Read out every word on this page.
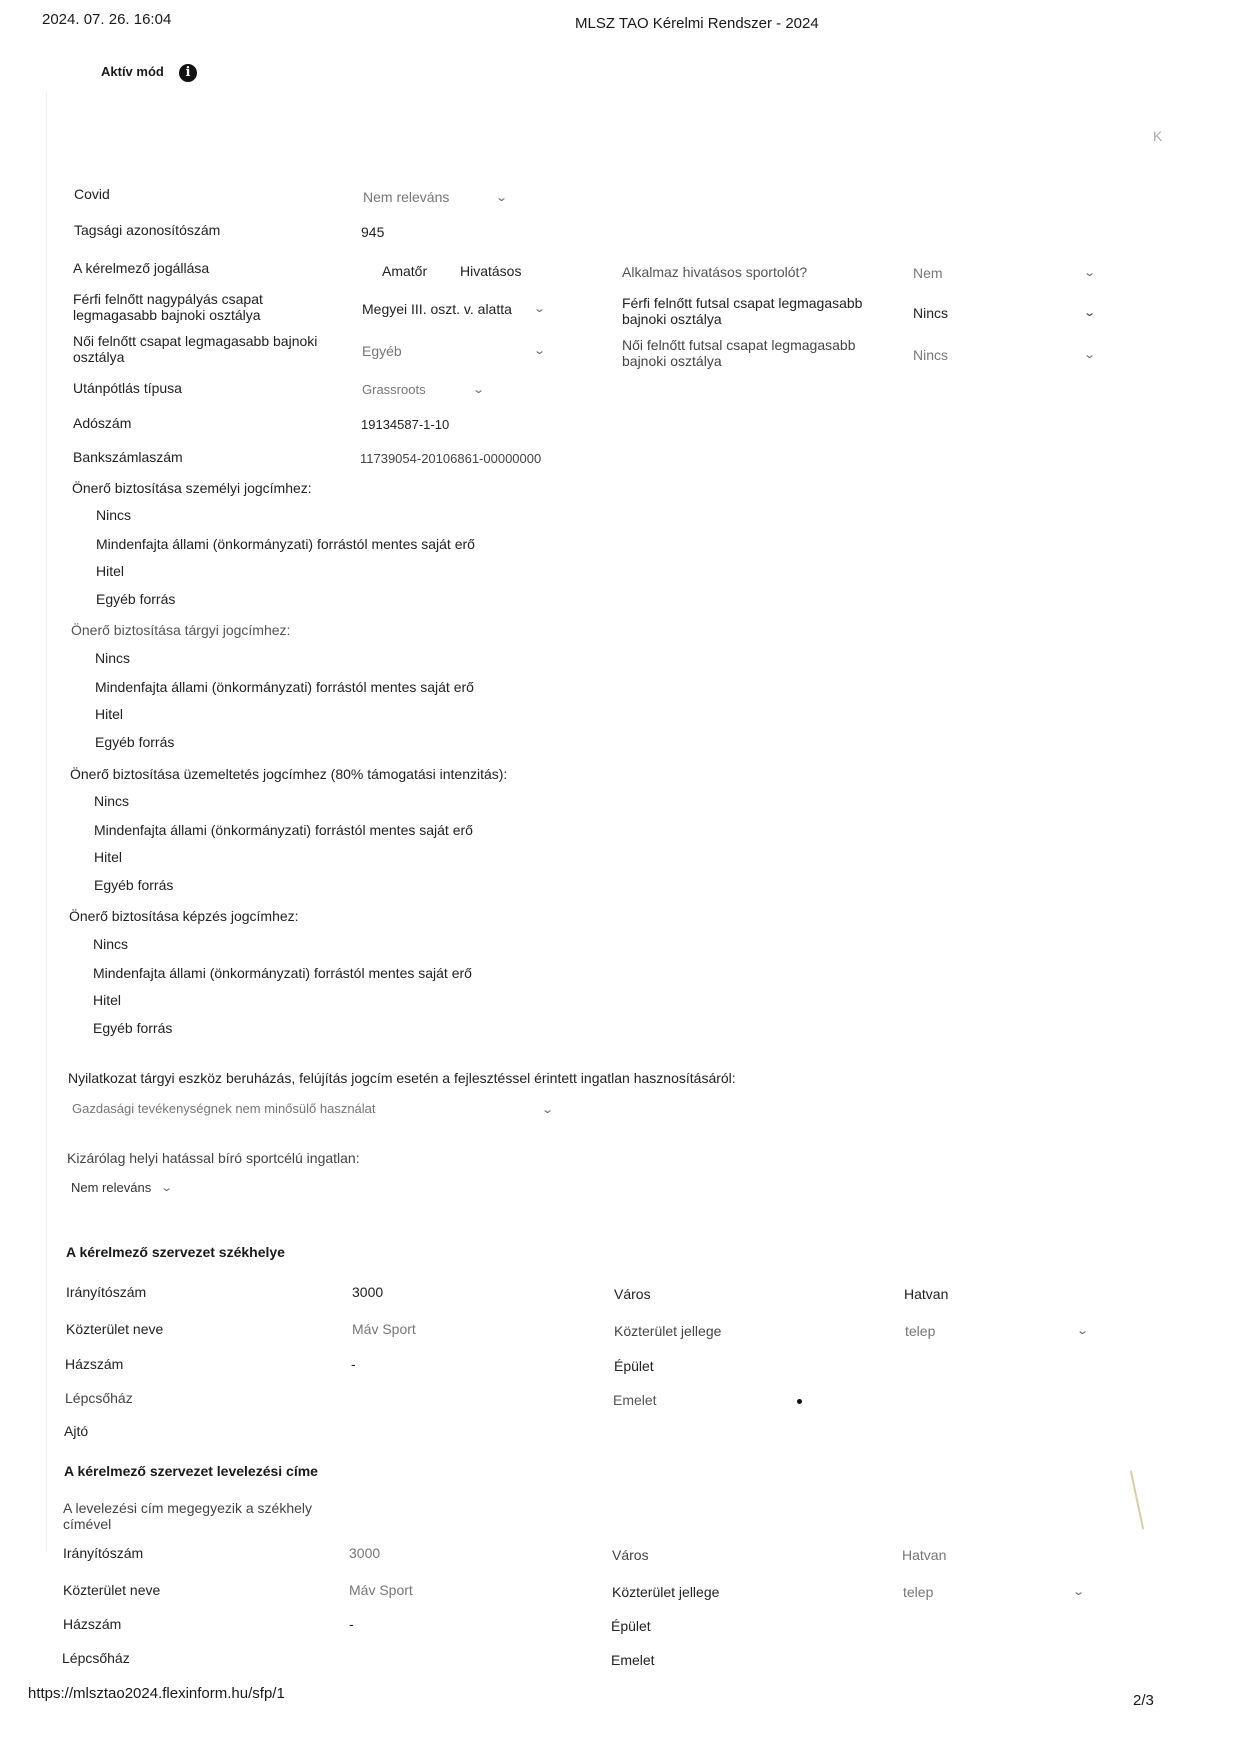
2024. 07. 26. 16:04	MLSZ TAO Kérelmi Rendszer - 2024
Aktív mód	i
K
Covid	Nem releváns	⌄
Tagsági azonosítószám	945
A kérelmező jogállása	Amatőr Hivatásos	Alkalmaz hivatásos sportolót?	Nem	⌄
Férfi felnőtt nagypályás csapat legmagasabb bajnoki osztálya	Megyei III. oszt. v. alatta ⌄	Férfi felnőtt futsal csapat legmagasabb bajnoki osztálya	Nincs	⌄
Női felnőtt csapat legmagasabb bajnoki osztálya	Egyéb	⌄	Női felnőtt futsal csapat legmagasabb bajnoki osztálya	Nincs	⌄
Utánpótlás típusa	Grassroots	⌄
Adószám	19134587-1-10
Bankszámlaszám	11739054-20106861-00000000
Önerő biztosítása személyi jogcímhez:
Nincs
Mindenfajta állami (önkormányzati) forrástól mentes saját erő
Hitel
Egyéb forrás
Önerő biztosítása tárgyi jogcímhez:
Nincs
Mindenfajta állami (önkormányzati) forrástól mentes saját erő
Hitel
Egyéb forrás
Önerő biztosítása üzemeltetés jogcímhez (80% támogatási intenzitás):
Nincs
Mindenfajta állami (önkormányzati) forrástól mentes saját erő
Hitel
Egyéb forrás
Önerő biztosítása képzés jogcímhez:
Nincs
Mindenfajta állami (önkormányzati) forrástól mentes saját erő
Hitel
Egyéb forrás
Nyilatkozat tárgyi eszköz beruházás, felújítás jogcím esetén a fejlesztéssel érintett ingatlan hasznosításáról:
Gazdasági tevékenységnek nem minősülő használat	⌄
Kizárólag helyi hatással bíró sportcélú ingatlan:
Nem releváns ⌄
A kérelmező szervezet székhelye
Irányítószám	3000	Város	Hatvan
Közterület neve	Máv Sport	Közterület jellege	telep	⌄
Házszám	-	Épület
Lépcsőház	Emelet
Ajtó
A kérelmező szervezet levelezési címe
A levelezési cím megegyezik a székhely címével
Irányítószám	3000	Város	Hatvan
Közterület neve	Máv Sport	Közterület jellege	telep	⌄
Házszám	-	Épület
Lépcsőház	Emelet
https://mlsztao2024.flexinform.hu/sfp/1	2/3
